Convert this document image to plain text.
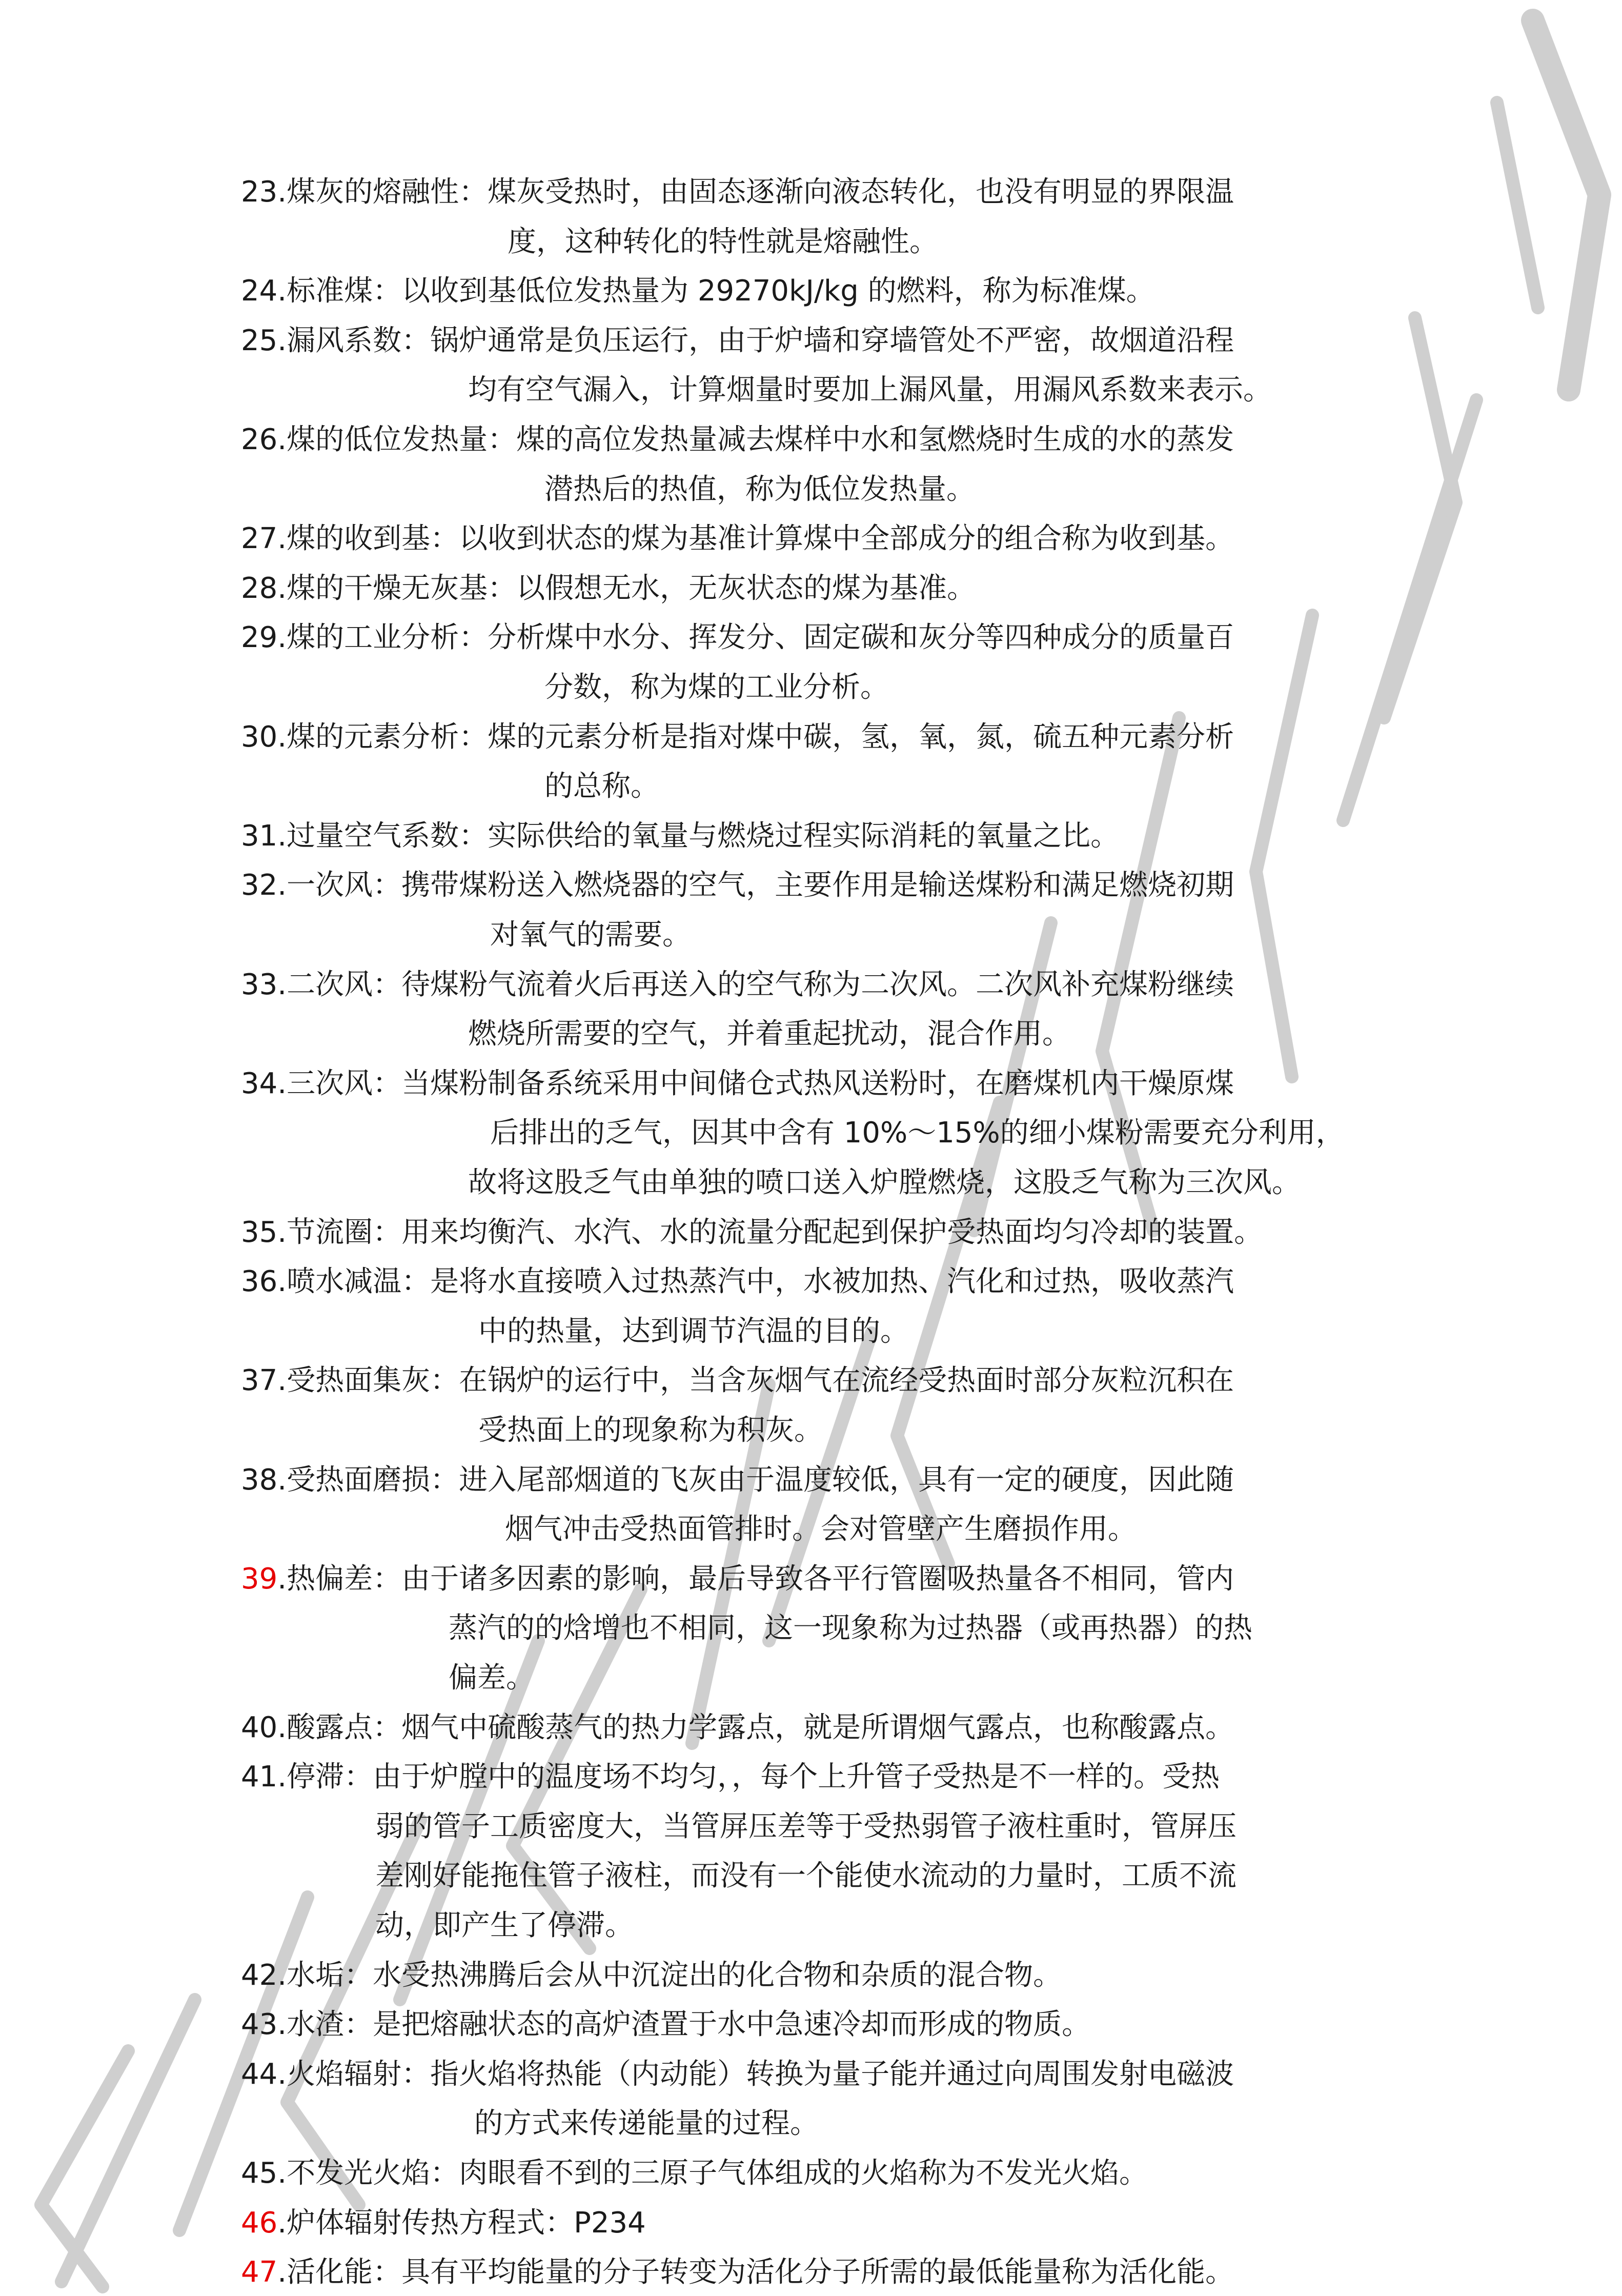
23.煤灰的熔融性：煤灰受热时，由固态逐渐向液态转化，也没有明显的界限温
度，这种转化的特性就是熔融性。
24.标准煤：以收到基低位发热量为 29270kJ/kg 的燃料，称为标准煤。
25.漏风系数：锅炉通常是负压运行，由于炉墙和穿墙管处不严密，故烟道沿程
均有空气漏入，计算烟量时要加上漏风量，用漏风系数来表示。
26.煤的低位发热量：煤的高位发热量减去煤样中水和氢燃烧时生成的水的蒸发
潜热后的热值，称为低位发热量。
27.煤的收到基：以收到状态的煤为基准计算煤中全部成分的组合称为收到基。
28.煤的干燥无灰基：以假想无水，无灰状态的煤为基准。
29.煤的工业分析：分析煤中水分、挥发分、固定碳和灰分等四种成分的质量百
分数，称为煤的工业分析。
30.煤的元素分析：煤的元素分析是指对煤中碳，氢，氧，氮，硫五种元素分析
的总称。
31.过量空气系数：实际供给的氧量与燃烧过程实际消耗的氧量之比。
32.一次风：携带煤粉送入燃烧器的空气，主要作用是输送煤粉和满足燃烧初期
对氧气的需要。
33.二次风：待煤粉气流着火后再送入的空气称为二次风。二次风补充煤粉继续
燃烧所需要的空气，并着重起扰动，混合作用。
34.三次风：当煤粉制备系统采用中间储仓式热风送粉时，在磨煤机内干燥原煤
后排出的乏气，因其中含有 10%～15%的细小煤粉需要充分利用，
故将这股乏气由单独的喷口送入炉膛燃烧，这股乏气称为三次风。
35.节流圈：用来均衡汽、水汽、水的流量分配起到保护受热面均匀冷却的装置。
36.喷水减温：是将水直接喷入过热蒸汽中，水被加热、汽化和过热，吸收蒸汽
中的热量，达到调节汽温的目的。
37.受热面集灰：在锅炉的运行中，当含灰烟气在流经受热面时部分灰粒沉积在
受热面上的现象称为积灰。
38.受热面磨损：进入尾部烟道的飞灰由于温度较低，具有一定的硬度，因此随
烟气冲击受热面管排时。会对管壁产生磨损作用。
39.热偏差：由于诸多因素的影响，最后导致各平行管圈吸热量各不相同，管内
蒸汽的的焓增也不相同，这一现象称为过热器（或再热器）的热
偏差。
40.酸露点：烟气中硫酸蒸气的热力学露点，就是所谓烟气露点，也称酸露点。
41.停滞：由于炉膛中的温度场不均匀，，每个上升管子受热是不一样的。受热
弱的管子工质密度大，当管屏压差等于受热弱管子液柱重时，管屏压
差刚好能拖住管子液柱，而没有一个能使水流动的力量时，工质不流
动，即产生了停滞。
42.水垢：水受热沸腾后会从中沉淀出的化合物和杂质的混合物。
43.水渣：是把熔融状态的高炉渣置于水中急速冷却而形成的物质。
44.火焰辐射：指火焰将热能（内动能）转换为量子能并通过向周围发射电磁波
的方式来传递能量的过程。
45.不发光火焰：肉眼看不到的三原子气体组成的火焰称为不发光火焰。
46.炉体辐射传热方程式：P234
47.活化能：具有平均能量的分子转变为活化分子所需的最低能量称为活化能。
